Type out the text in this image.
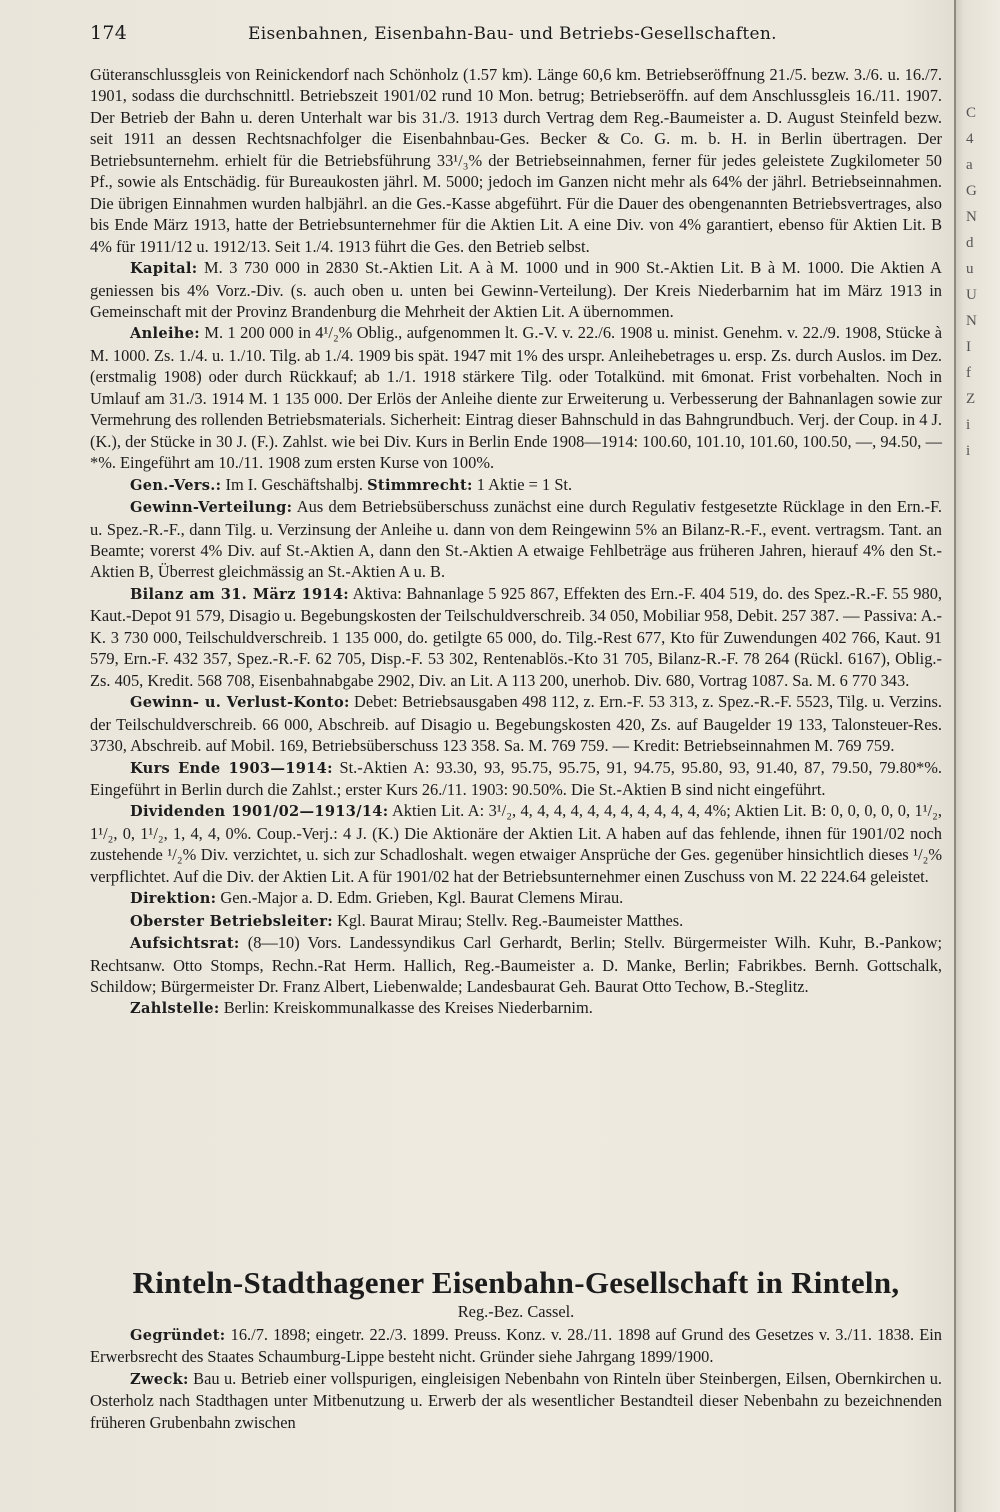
174	Eisenbahnen, Eisenbahn-Bau- und Betriebs-Gesellschaften.

Güteranschlussgleis von Reinickendorf nach Schönholz (1.57 km). Länge 60,6 km. Betriebseröffnung 21./5. bezw. 3./6. u. 16./7. 1901, sodass die durchschnittl. Betriebszeit 1901/02 rund 10 Mon. betrug; Betriebseröffn. auf dem Anschlussgleis 16./11. 1907. Der Betrieb der Bahn u. deren Unterhalt war bis 31./3. 1913 durch Vertrag dem Reg.-Baumeister a. D. August Steinfeld bezw. seit 1911 an dessen Rechtsnachfolger die Eisenbahnbau-Ges. Becker & Co. G. m. b. H. in Berlin übertragen. Der Betriebsunternehm. erhielt für die Betriebsführung 33¹/₃% der Betriebseinnahmen, ferner für jedes geleistete Zugkilometer 50 Pf., sowie als Entschädig. für Bureaukosten jährl. M. 5000; jedoch im Ganzen nicht mehr als 64% der jährl. Betriebseinnahmen. Die übrigen Einnahmen wurden halbjährl. an die Ges.-Kasse abgeführt. Für die Dauer des obengenannten Betriebsvertrages, also bis Ende März 1913, hatte der Betriebsunternehmer für die Aktien Lit. A eine Div. von 4% garantiert, ebenso für Aktien Lit. B 4% für 1911/12 u. 1912/13. Seit 1./4. 1913 führt die Ges. den Betrieb selbst.

Kapital: M. 3 730 000 in 2830 St.-Aktien Lit. A à M. 1000 und in 900 St.-Aktien Lit. B à M. 1000. Die Aktien A geniessen bis 4% Vorz.-Div. (s. auch oben u. unten bei Gewinn-Verteilung). Der Kreis Niederbarnim hat im März 1913 in Gemeinschaft mit der Provinz Brandenburg die Mehrheit der Aktien Lit. A übernommen.

Anleihe: M. 1 200 000 in 4¹/₂% Oblig., aufgenommen lt. G.-V. v. 22./6. 1908 u. minist. Genehm. v. 22./9. 1908, Stücke à M. 1000. Zs. 1./4. u. 1./10. Tilg. ab 1./4. 1909 bis spät. 1947 mit 1% des urspr. Anleihebetrages u. ersp. Zs. durch Auslos. im Dez. (erstmalig 1908) oder durch Rückkauf; ab 1./1. 1918 stärkere Tilg. oder Totalkünd. mit 6monat. Frist vorbehalten. Noch in Umlauf am 31./3. 1914 M. 1 135 000. Der Erlös der Anleihe diente zur Erweiterung u. Verbesserung der Bahnanlagen sowie zur Vermehrung des rollenden Betriebsmaterials. Sicherheit: Eintrag dieser Bahnschuld in das Bahngrundbuch. Verj. der Coup. in 4 J. (K.), der Stücke in 30 J. (F.). Zahlst. wie bei Div. Kurs in Berlin Ende 1908—1914: 100.60, 101.10, 101.60, 100.50, —, 94.50, —*%. Eingeführt am 10./11. 1908 zum ersten Kurse von 100%.

Gen.-Vers.: Im I. Geschäftshalbj. Stimmrecht: 1 Aktie = 1 St.

Gewinn-Verteilung: Aus dem Betriebsüberschuss zunächst eine durch Regulativ festgesetzte Rücklage in den Ern.-F. u. Spez.-R.-F., dann Tilg. u. Verzinsung der Anleihe u. dann von dem Reingewinn 5% an Bilanz-R.-F., event. vertragsm. Tant. an Beamte; vorerst 4% Div. auf St.-Aktien A, dann den St.-Aktien A etwaige Fehlbeträge aus früheren Jahren, hierauf 4% den St.-Aktien B, Überrest gleichmässig an St.-Aktien A u. B.

Bilanz am 31. März 1914: Aktiva: Bahnanlage 5 925 867, Effekten des Ern.-F. 404 519, do. des Spez.-R.-F. 55 980, Kaut.-Depot 91 579, Disagio u. Begebungskosten der Teilschuldverschreib. 34 050, Mobiliar 958, Debit. 257 387. — Passiva: A.-K. 3 730 000, Teilschuldverschreib. 1 135 000, do. getilgte 65 000, do. Tilg.-Rest 677, Kto für Zuwendungen 402 766, Kaut. 91 579, Ern.-F. 432 357, Spez.-R.-F. 62 705, Disp.-F. 53 302, Rentenablös.-Kto 31 705, Bilanz-R.-F. 78 264 (Rückl. 6167), Oblig.-Zs. 405, Kredit. 568 708, Eisenbahnabgabe 2902, Div. an Lit. A 113 200, unerhob. Div. 680, Vortrag 1087. Sa. M. 6 770 343.

Gewinn- u. Verlust-Konto: Debet: Betriebsausgaben 498 112, z. Ern.-F. 53 313, z. Spez.-R.-F. 5523, Tilg. u. Verzins. der Teilschuldverschreib. 66 000, Abschreib. auf Disagio u. Begebungskosten 420, Zs. auf Baugelder 19 133, Talonsteuer-Res. 3730, Abschreib. auf Mobil. 169, Betriebsüberschuss 123 358. Sa. M. 769 759. — Kredit: Betriebseinnahmen M. 769 759.

Kurs Ende 1903—1914: St.-Aktien A: 93.30, 93, 95.75, 95.75, 91, 94.75, 95.80, 93, 91.40, 87, 79.50, 79.80*%. Eingeführt in Berlin durch die Zahlst.; erster Kurs 26./11. 1903: 90.50%. Die St.-Aktien B sind nicht eingeführt.

Dividenden 1901/02—1913/14: Aktien Lit. A: 3¹/₂, 4, 4, 4, 4, 4, 4, 4, 4, 4, 4, 4, 4%; Aktien Lit. B: 0, 0, 0, 0, 0, 1¹/₂, 1¹/₂, 0, 1¹/₂, 1, 4, 4, 0%. Coup.-Verj.: 4 J. (K.) Die Aktionäre der Aktien Lit. A haben auf das fehlende, ihnen für 1901/02 noch zustehende ¹/₂% Div. verzichtet, u. sich zur Schadloshalt. wegen etwaiger Ansprüche der Ges. gegenüber hinsichtlich dieses ¹/₂% verpflichtet. Auf die Div. der Aktien Lit. A für 1901/02 hat der Betriebsunternehmer einen Zuschuss von M. 22 224.64 geleistet.

Direktion: Gen.-Major a. D. Edm. Grieben, Kgl. Baurat Clemens Mirau.

Oberster Betriebsleiter: Kgl. Baurat Mirau; Stellv. Reg.-Baumeister Matthes.

Aufsichtsrat: (8—10) Vors. Landessyndikus Carl Gerhardt, Berlin; Stellv. Bürgermeister Wilh. Kuhr, B.-Pankow; Rechtsanw. Otto Stomps, Rechn.-Rat Herm. Hallich, Reg.-Baumeister a. D. Manke, Berlin; Fabrikbes. Bernh. Gottschalk, Schildow; Bürgermeister Dr. Franz Albert, Liebenwalde; Landesbaurat Geh. Baurat Otto Techow, B.-Steglitz.

Zahlstelle: Berlin: Kreiskommunalkasse des Kreises Niederbarnim.

Rinteln-Stadthagener Eisenbahn-Gesellschaft in Rinteln,
Reg.-Bez. Cassel.

Gegründet: 16./7. 1898; eingetr. 22./3. 1899. Preuss. Konz. v. 28./11. 1898 auf Grund des Gesetzes v. 3./11. 1838. Ein Erwerbsrecht des Staates Schaumburg-Lippe besteht nicht. Gründer siehe Jahrgang 1899/1900.

Zweck: Bau u. Betrieb einer vollspurigen, eingleisigen Nebenbahn von Rinteln über Steinbergen, Eilsen, Obernkirchen u. Osterholz nach Stadthagen unter Mitbenutzung u. Erwerb der als wesentlicher Bestandteil dieser Nebenbahn zu bezeichnenden früheren Grubenbahn zwischen

C
4
a
G
N
d
u
U
N
I
f
Z
i
i
